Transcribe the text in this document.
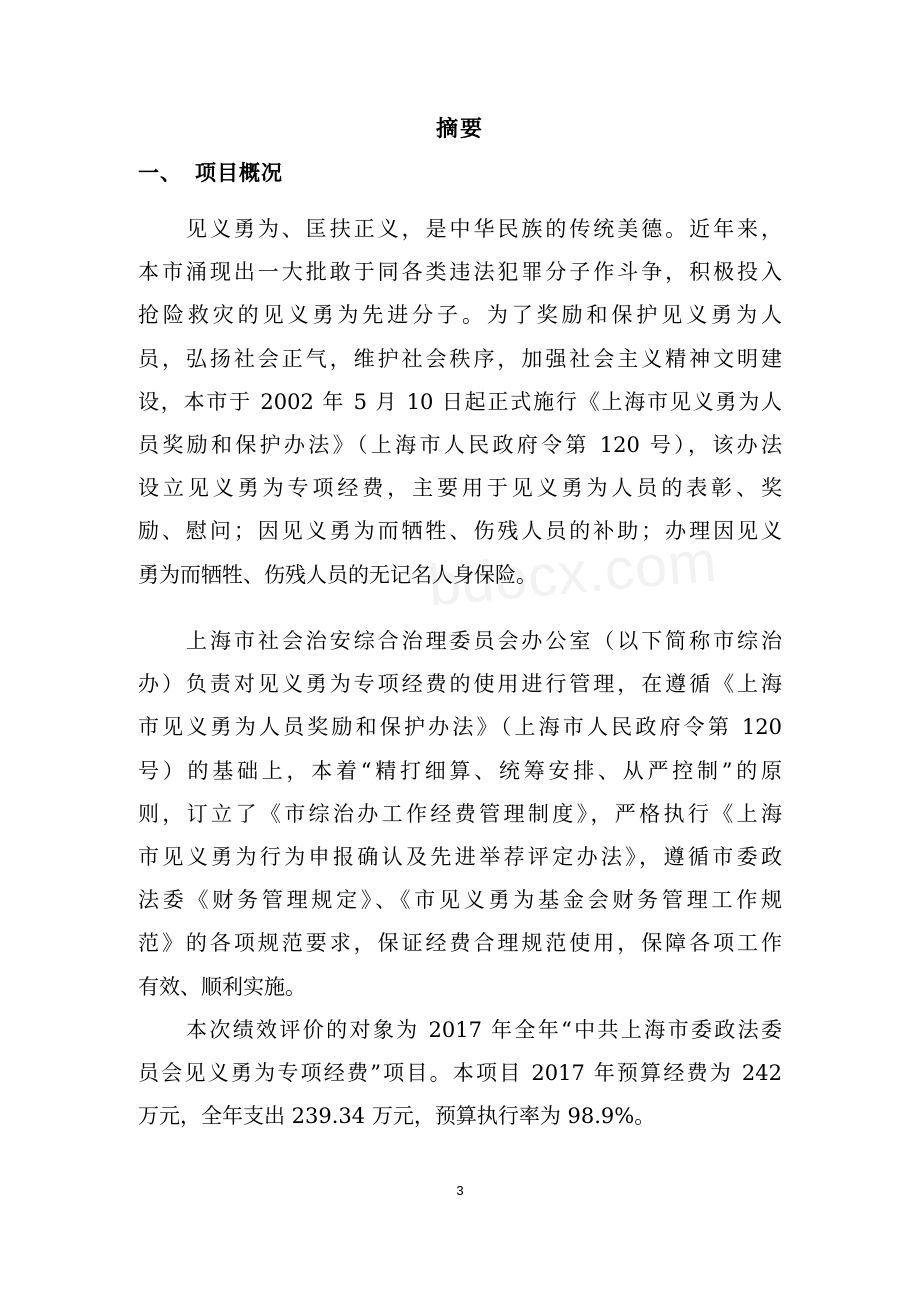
摘要
一、 项目概况
bdocx.com
见义勇为、匡扶正义，是中华民族的传统美德。近年来，
本市涌现出一大批敢于同各类违法犯罪分子作斗争，积极投入
抢险救灾的见义勇为先进分子。为了奖励和保护见义勇为人
员，弘扬社会正气，维护社会秩序，加强社会主义精神文明建
设，本市于 2002 年 5 月 10 日起正式施行《上海市见义勇为人
员奖励和保护办法》（上海市人民政府令第 120 号），该办法
设立见义勇为专项经费，主要用于见义勇为人员的表彰、奖
励、慰问；因见义勇为而牺牲、伤残人员的补助；办理因见义
勇为而牺牲、伤残人员的无记名人身保险。
上海市社会治安综合治理委员会办公室（以下简称市综治
办）负责对见义勇为专项经费的使用进行管理，在遵循《上海
市见义勇为人员奖励和保护办法》（上海市人民政府令第 120
号）的基础上，本着“精打细算、统筹安排、从严控制”的原
则，订立了《市综治办工作经费管理制度》，严格执行《上海
市见义勇为行为申报确认及先进举荐评定办法》，遵循市委政
法委《财务管理规定》、《市见义勇为基金会财务管理工作规
范》的各项规范要求，保证经费合理规范使用，保障各项工作
有效、顺利实施。
本次绩效评价的对象为 2017 年全年“中共上海市委政法委
员会见义勇为专项经费”项目。本项目 2017 年预算经费为 242
万元，全年支出 239.34 万元，预算执行率为 98.9%。
3
